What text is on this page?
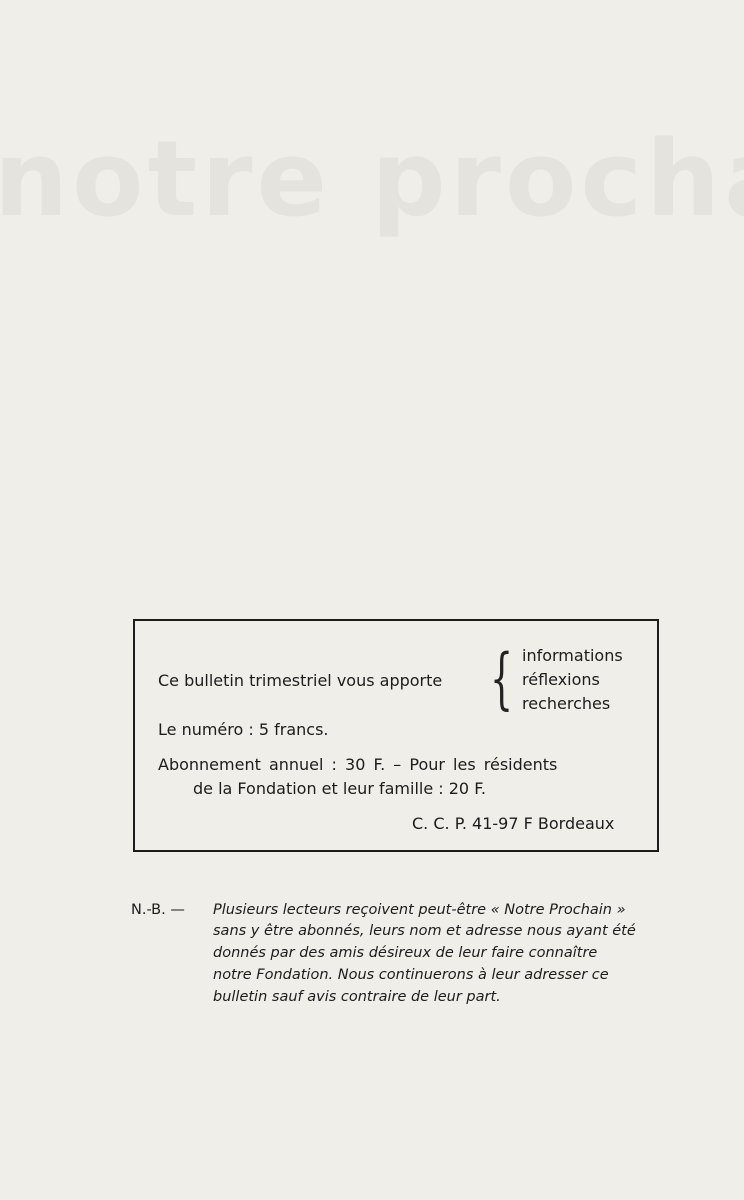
Ce bulletin trimestriel vous apporte { informations
réflexions
recherches
Le numéro : 5 francs.
Abonnement annuel : 30 F. – Pour les résidents
de la Fondation et leur famille : 20 F.
C. C. P. 41-97 F Bordeaux
N.-B. — Plusieurs lecteurs reçoivent peut-être « Notre Prochain »
sans y être abonnés, leurs nom et adresse nous ayant été
donnés par des amis désireux de leur faire connaître
notre Fondation. Nous continuerons à leur adresser ce
bulletin sauf avis contraire de leur part.
